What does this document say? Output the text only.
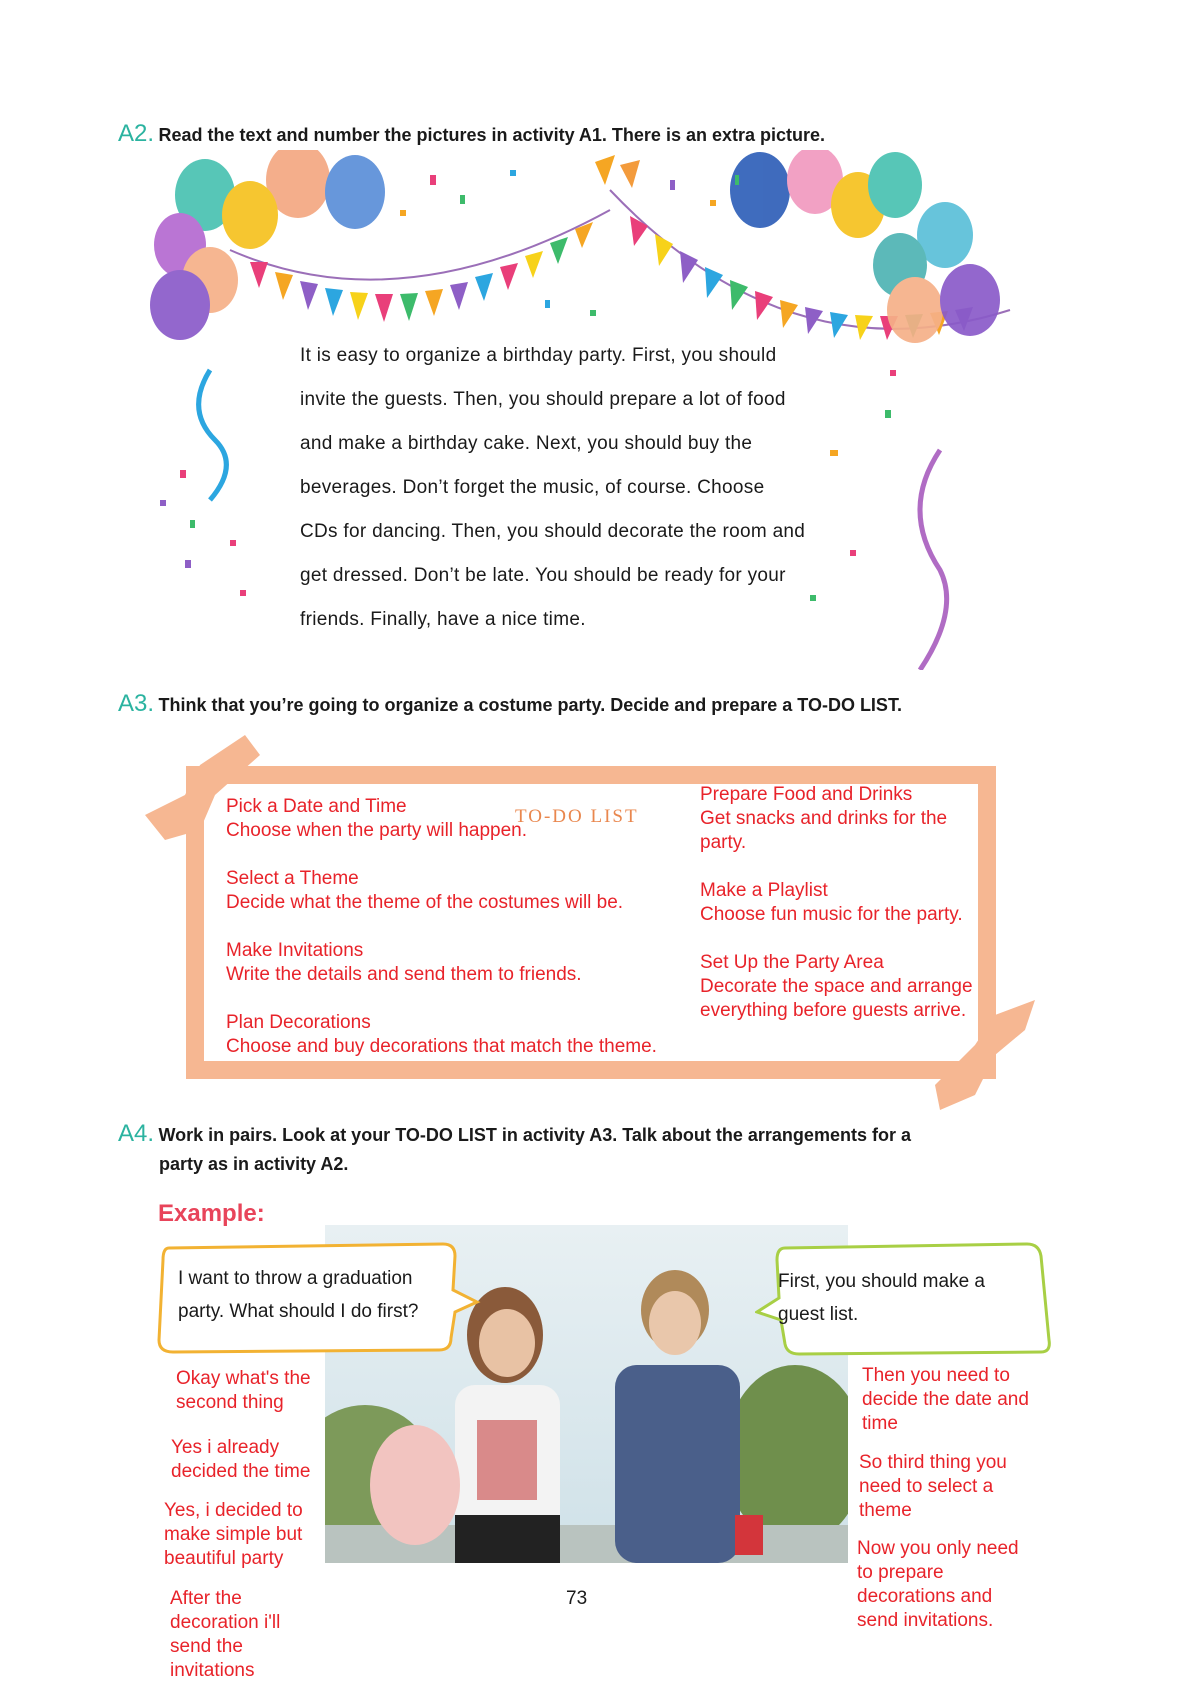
A2. Read the text and number the pictures in activity A1. There is an extra picture.

It is easy to organize a birthday party. First, you should

invite the guests. Then, you should prepare a lot of food

and make a birthday cake. Next, you should buy the

beverages. Don’t forget the music, of course. Choose

CDs for dancing. Then, you should decorate the room and

get dressed. Don’t be late. You should be ready for your

friends. Finally, have a nice time.

A3. Think that you’re going to organize a costume party. Decide and prepare a TO-DO LIST.
TO-DO LIST
Pick a Date and Time
Choose when the party will happen.
Select a Theme
Decide what the theme of the costumes will be.
Make Invitations
Write the details and send them to friends.
Plan Decorations
Choose and buy decorations that match the theme.
Prepare Food and Drinks
Get snacks and drinks for the party.
Make a Playlist
Choose fun music for the party.
Set Up the Party Area
Decorate the space and arrange everything before guests arrive.
A4. Work in pairs. Look at your TO-DO LIST in activity A3. Talk about the arrangements for a
party as in activity A2.
Example:
I want to throw a graduation
party. What should I do first?
First, you should make a
guest list.
Okay what's the second thing
Yes i already decided the time
Yes, i decided to make simple but beautiful party
After the decoration i'll send the invitations
Then you need to decide the date and time
So third thing you need to select a theme
Now you only need to prepare decorations and send invitations.
73
